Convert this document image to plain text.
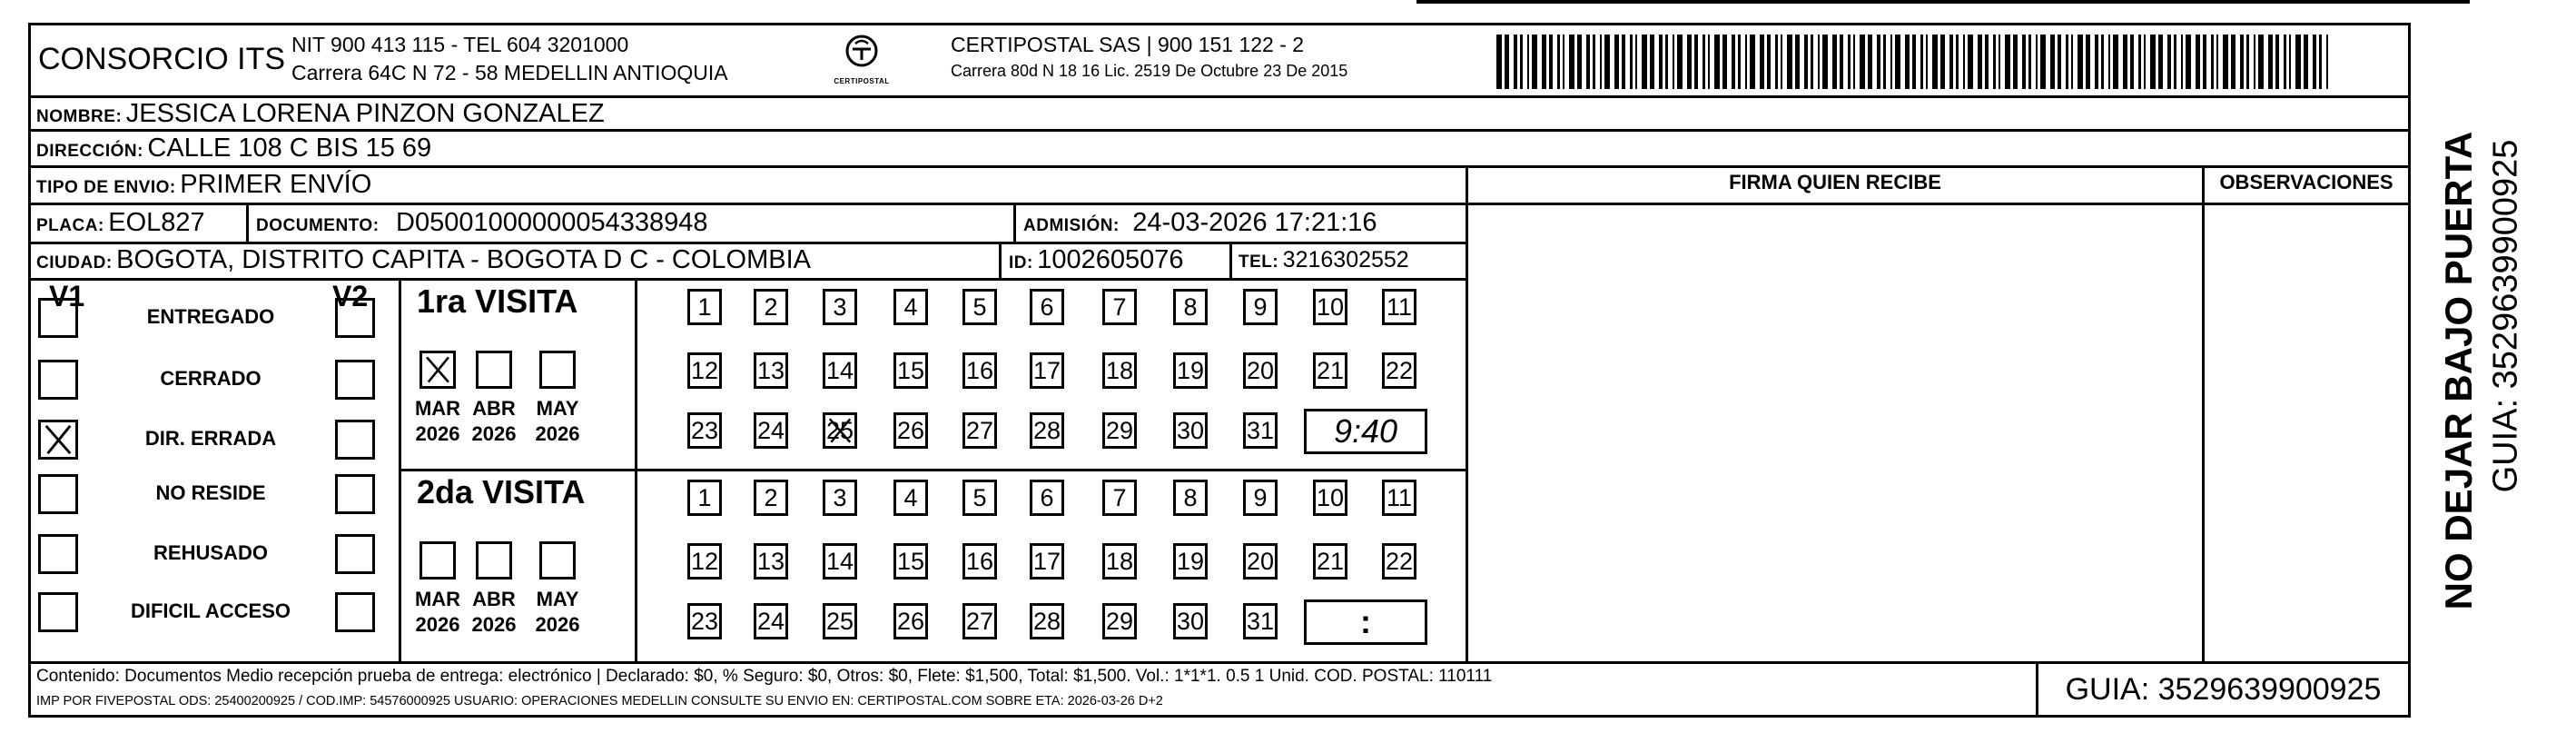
CONSORCIO ITS NIT 900 413 115 - TEL 604 3201000
Carrera 64C N 72 - 58 MEDELLIN ANTIOQUIA	CERTIPOSTAL
CERTIPOSTAL SAS | 900 151 122 - 2
Carrera 80d N 18 16 Lic. 2519 De Octubre 23 De 2015
NOMBRE: JESSICA LORENA PINZON GONZALEZ
DIRECCIÓN: CALLE 108 C BIS 15 69
TIPO DE ENVIO: PRIMER ENVÍO
PLACA: EOL827	DOCUMENTO: D05001000000054338948	ADMISIÓN: 24-03-2026 17:21:16
CIUDAD: BOGOTA, DISTRITO CAPITA - BOGOTA D C - COLOMBIA	ID: 1002605076	TEL: 3216302552
FIRMA QUIEN RECIBE	OBSERVACIONES
V1	V2
ENTREGADO
CERRADO
DIR. ERRADA
NO RESIDE
REHUSADO
DIFICIL ACCESO
1ra VISITA
MAR
2026
ABR
2026
MAY
2026
1 2 3 4 5 6 7 8 9 10 11
12 13 14 15 16 17 18 19 20 21 22
23 24 25 26 27 28 29 30 31 9:40
2da VISITA
MAR
2026
ABR
2026
MAY
2026
1 2 3 4 5 6 7 8 9 10 11
12 13 14 15 16 17 18 19 20 21 22
23 24 25 26 27 28 29 30 31	:
Contenido: Documentos Medio recepción prueba de entrega: electrónico | Declarado: $0, % Seguro: $0, Otros: $0, Flete: $1,500, Total: $1,500. Vol.: 1*1*1. 0.5 1 Unid. COD. POSTAL: 110111
IMP POR FIVEPOSTAL ODS: 25400200925 / COD.IMP: 54576000925 USUARIO: OPERACIONES MEDELLIN CONSULTE SU ENVIO EN: CERTIPOSTAL.COM SOBRE ETA: 2026-03-26 D+2	GUIA: 3529639900925
NO DEJAR BAJO PUERTA GUIA: 3529639900925
